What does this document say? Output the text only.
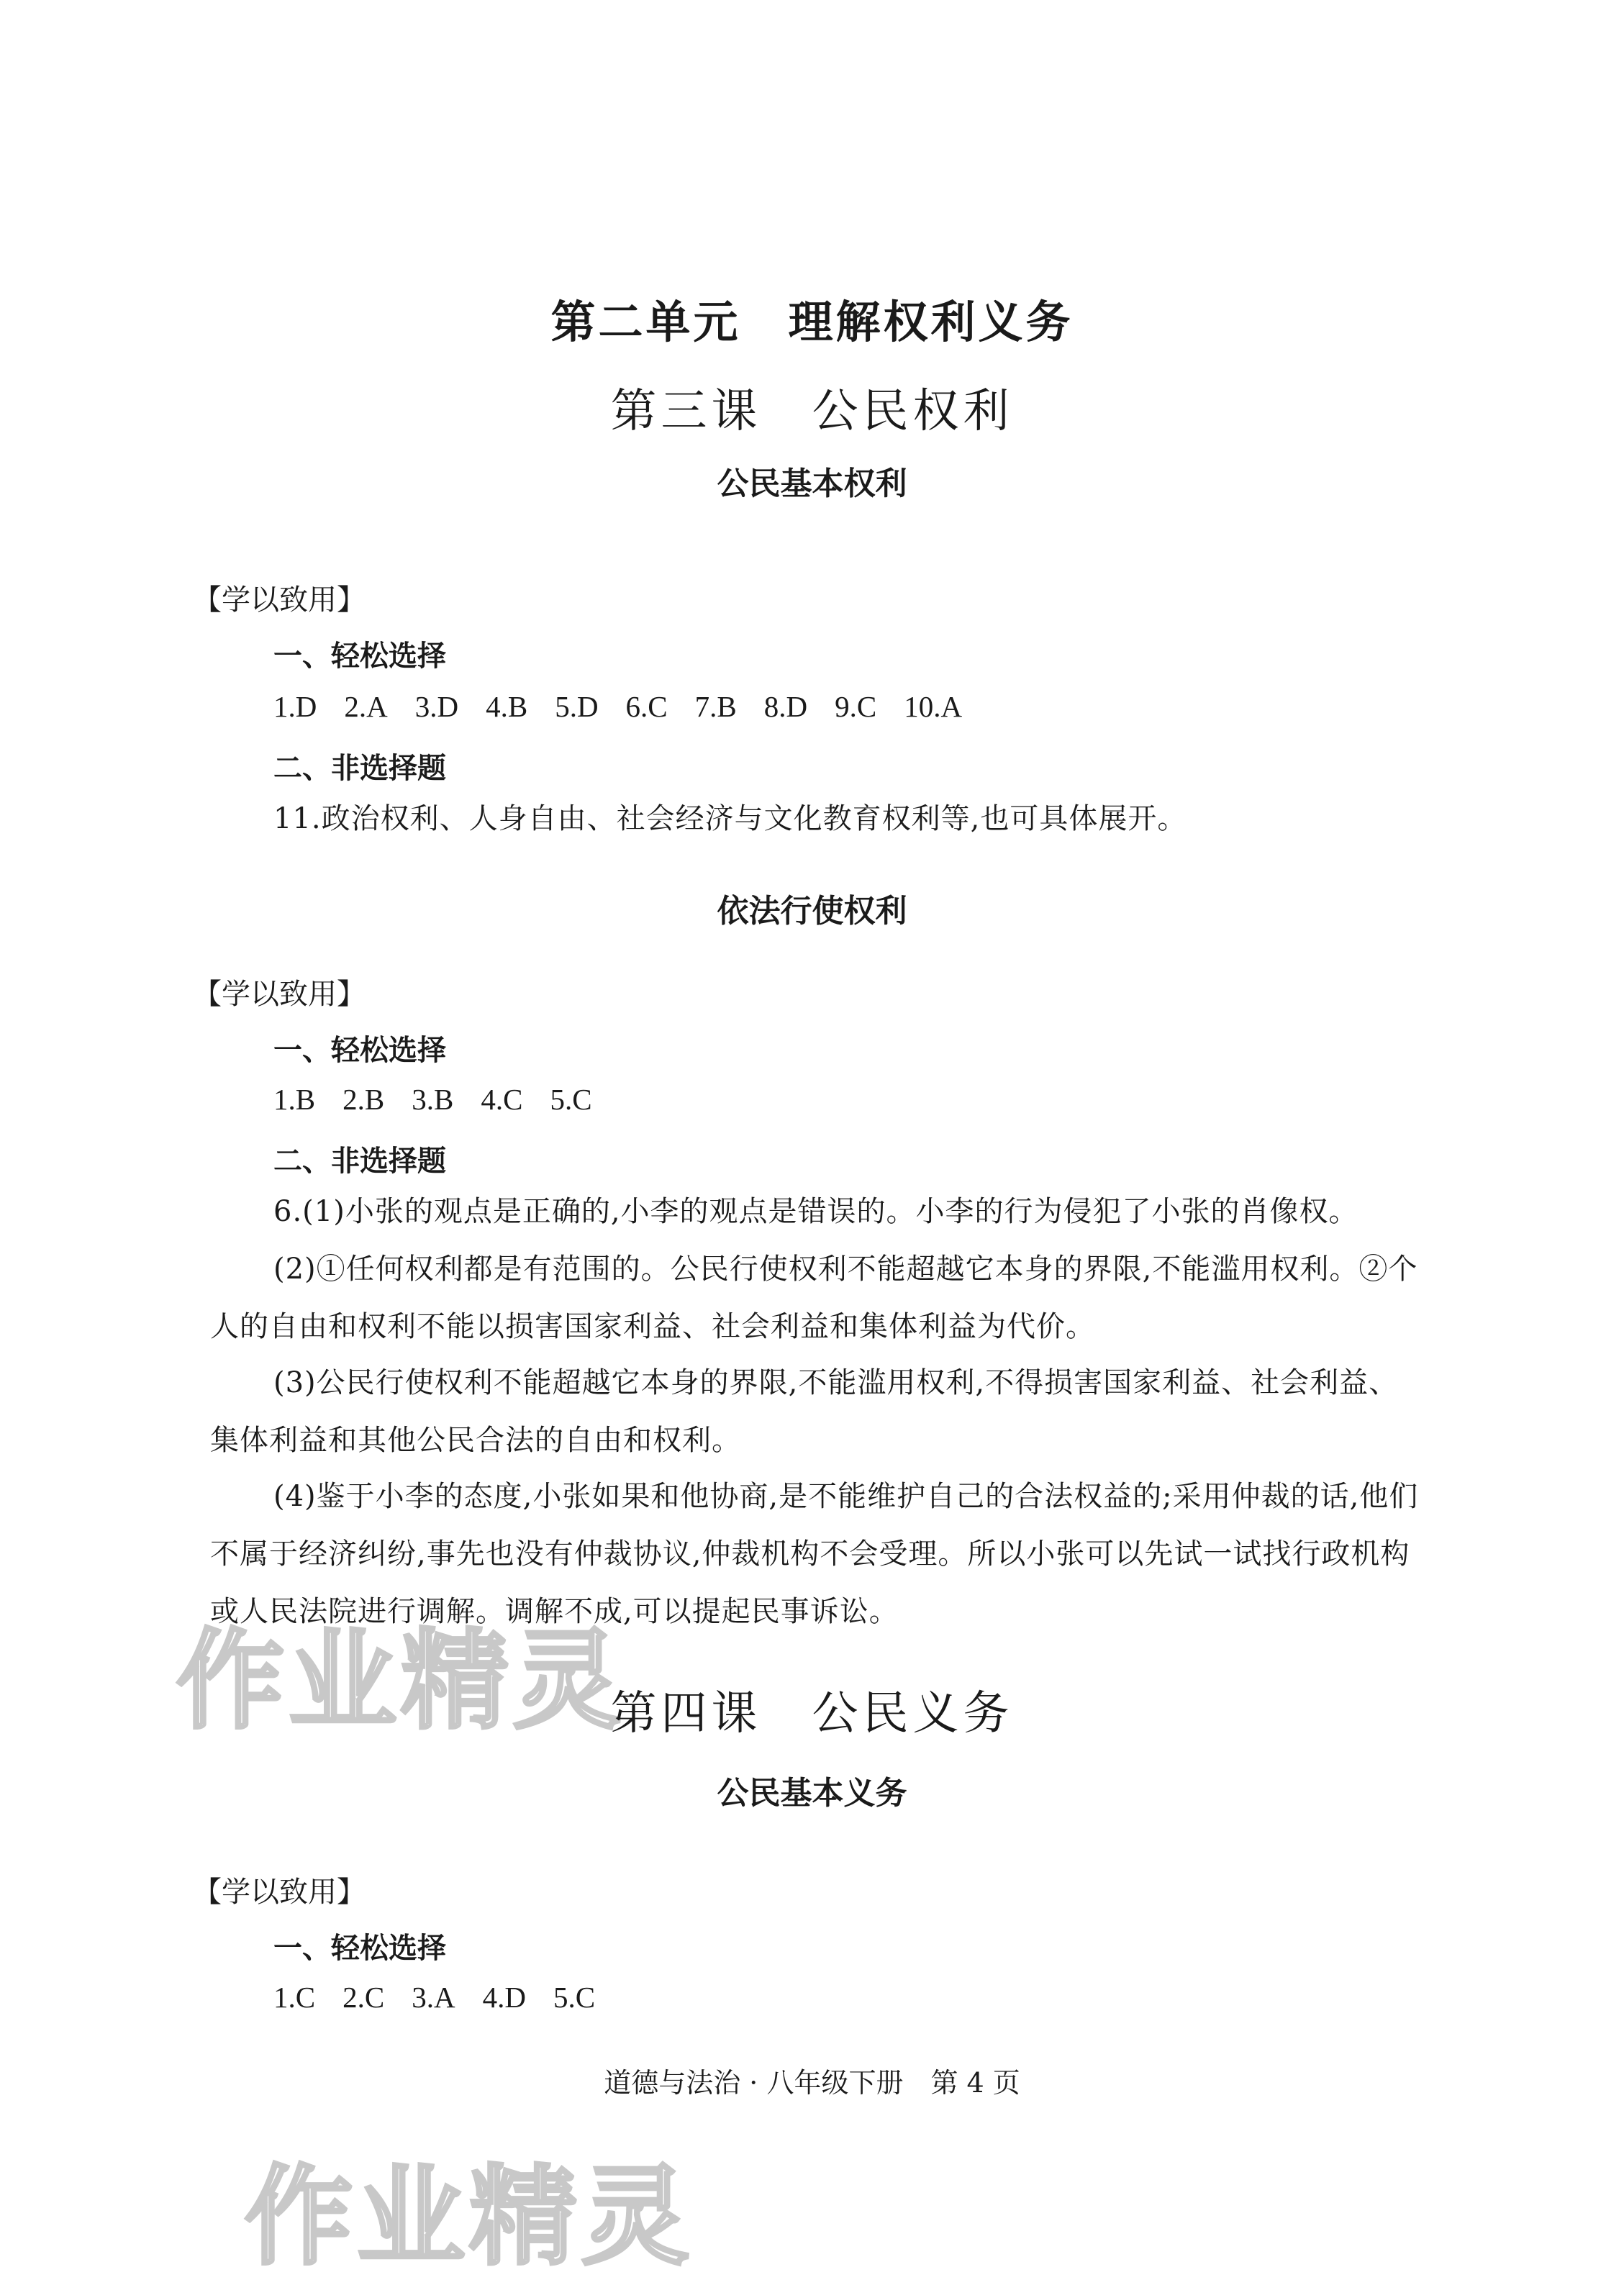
第二单元　理解权利义务
第三课　公民权利
公民基本权利
【学以致用】
一、轻松选择
1.D 2.A 3.D 4.B 5.D 6.C 7.B 8.D 9.C 10.A
二、非选择题
11.政治权利、人身自由、社会经济与文化教育权利等,也可具体展开。
依法行使权利
【学以致用】
一、轻松选择
1.B 2.B 3.B 4.C 5.C
二、非选择题
6.(1)小张的观点是正确的,小李的观点是错误的。小李的行为侵犯了小张的肖像权。
(2)①任何权利都是有范围的。公民行使权利不能超越它本身的界限,不能滥用权利。②个人的自由和权利不能以损害国家利益、社会利益和集体利益为代价。
(3)公民行使权利不能超越它本身的界限,不能滥用权利,不得损害国家利益、社会利益、集体利益和其他公民合法的自由和权利。
(4)鉴于小李的态度,小张如果和他协商,是不能维护自己的合法权益的;采用仲裁的话,他们不属于经济纠纷,事先也没有仲裁协议,仲裁机构不会受理。所以小张可以先试一试找行政机构或人民法院进行调解。调解不成,可以提起民事诉讼。
作业精灵
第四课　公民义务
公民基本义务
【学以致用】
一、轻松选择
1.C 2.C 3.A 4.D 5.C
道德与法治 · 八年级下册　第 4 页
作业精灵
